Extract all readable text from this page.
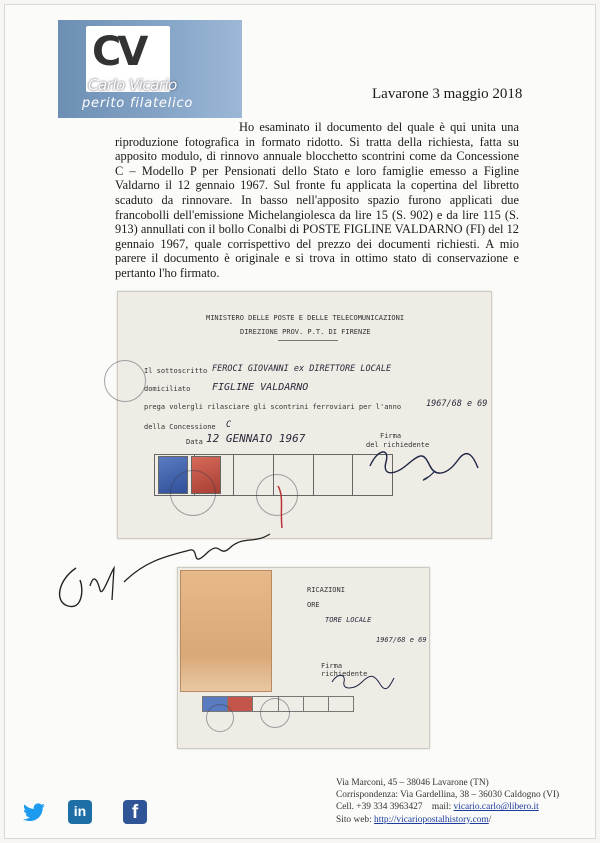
CV
Carlo Vicario
perito filatelico
Lavarone 3 maggio 2018

Ho esaminato il documento del quale è qui unita una riproduzione fotografica in formato ridotto. Si tratta della richiesta, fatta su apposito modulo, di rinnovo annuale blocchetto scontrini come da Concessione C – Modello P per Pensionati dello Stato e loro famiglie emesso a Figline Valdarno il 12 gennaio 1967. Sul fronte fu applicata la copertina del libretto scaduto da rinnovare. In basso nell'apposito spazio furono applicati due francobolli dell'emissione Michelangiolesca da lire 15 (S. 902) e da lire 115 (S. 913) annullati con il bollo Conalbi di POSTE FIGLINE VALDARNO (FI) del 12 gennaio 1967, quale corrispettivo del prezzo dei documenti richiesti. A mio parere il documento è originale e si trova in ottimo stato di conservazione e pertanto l'ho firmato.

MINISTERO DELLE POSTE E DELLE TELECOMUNICAZIONI
DIREZIONE PROV. P.T. DI FIRENZE
Il sottoscritto FEROCI GIOVANNI ex DIRETTORE LOCALE
domiciliato FIGLINE VALDARNO
prega volergli rilasciare gli scontrini ferroviari per l'anno	1967/68 e 69
della Concessione C
Data 12 GENNAIO 1967	Firma
del richiedente
RICAZIONI
ORE
TORE LOCALE
1967/68 e 69
Firma
richiedente
in	f
Via Marconi, 45 – 38046 Lavarone (TN)
Corrispondenza: Via Gardellina, 38 – 36030 Caldogno (VI)
Cell. +39 334 3963427 mail: vicario.carlo@libero.it
Sito web: http://vicariopostalhistory.com/
